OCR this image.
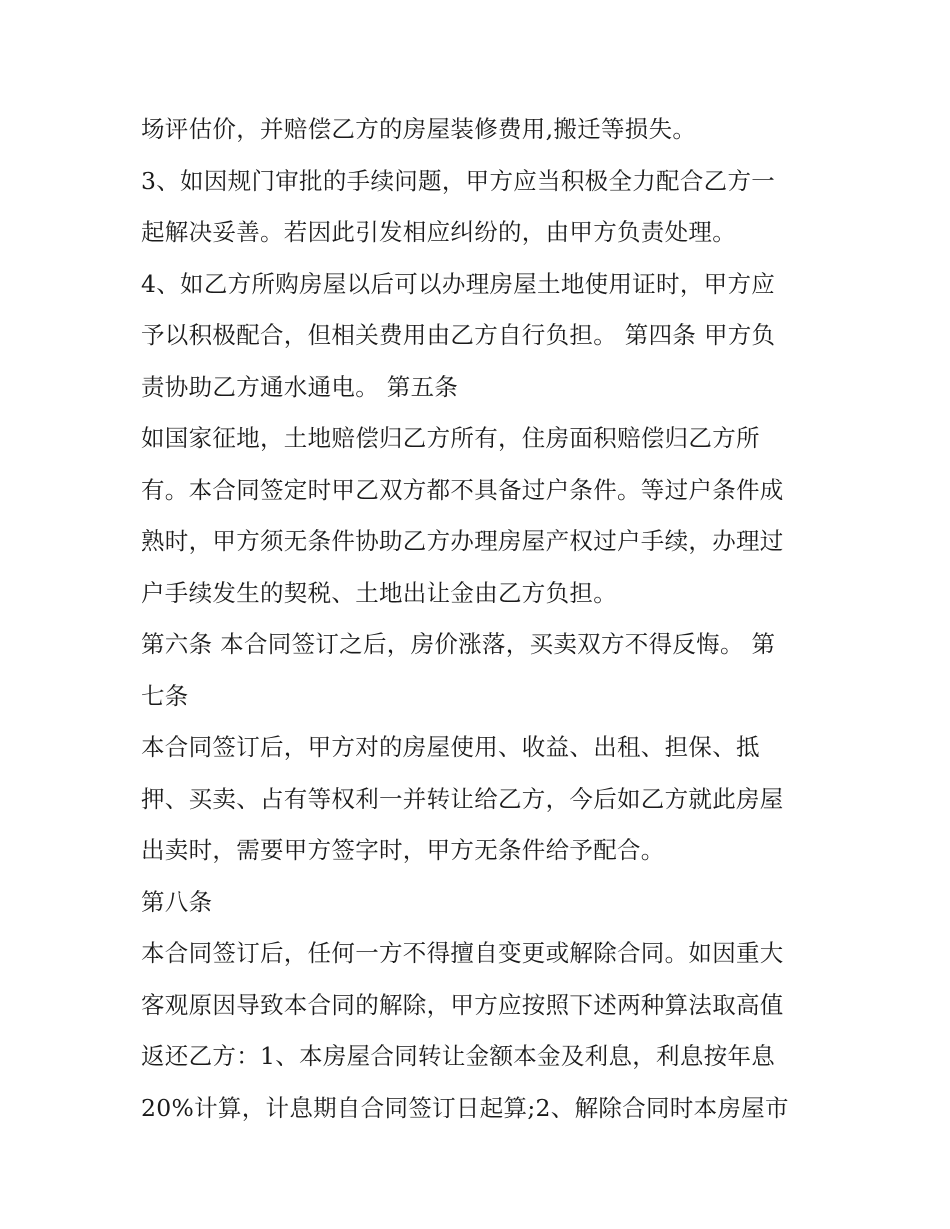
场评估价，并赔偿乙方的房屋装修费用,搬迁等损失。
3、如因规门审批的手续问题，甲方应当积极全力配合乙方一
起解决妥善。若因此引发相应纠纷的，由甲方负责处理。
4、如乙方所购房屋以后可以办理房屋土地使用证时，甲方应
予以积极配合，但相关费用由乙方自行负担。 第四条 甲方负
责协助乙方通水通电。 第五条
如国家征地，土地赔偿归乙方所有，住房面积赔偿归乙方所
有。本合同签定时甲乙双方都不具备过户条件。等过户条件成
熟时，甲方须无条件协助乙方办理房屋产权过户手续，办理过
户手续发生的契税、土地出让金由乙方负担。
第六条 本合同签订之后，房价涨落，买卖双方不得反悔。 第
七条
本合同签订后，甲方对的房屋使用、收益、出租、担保、抵
押、买卖、占有等权利一并转让给乙方，今后如乙方就此房屋
出卖时，需要甲方签字时，甲方无条件给予配合。
第八条
本合同签订后，任何一方不得擅自变更或解除合同。如因重大
客观原因导致本合同的解除，甲方应按照下述两种算法取高值
返还乙方：1、本房屋合同转让金额本金及利息，利息按年息
20%计算，计息期自合同签订日起算;2、解除合同时本房屋市
